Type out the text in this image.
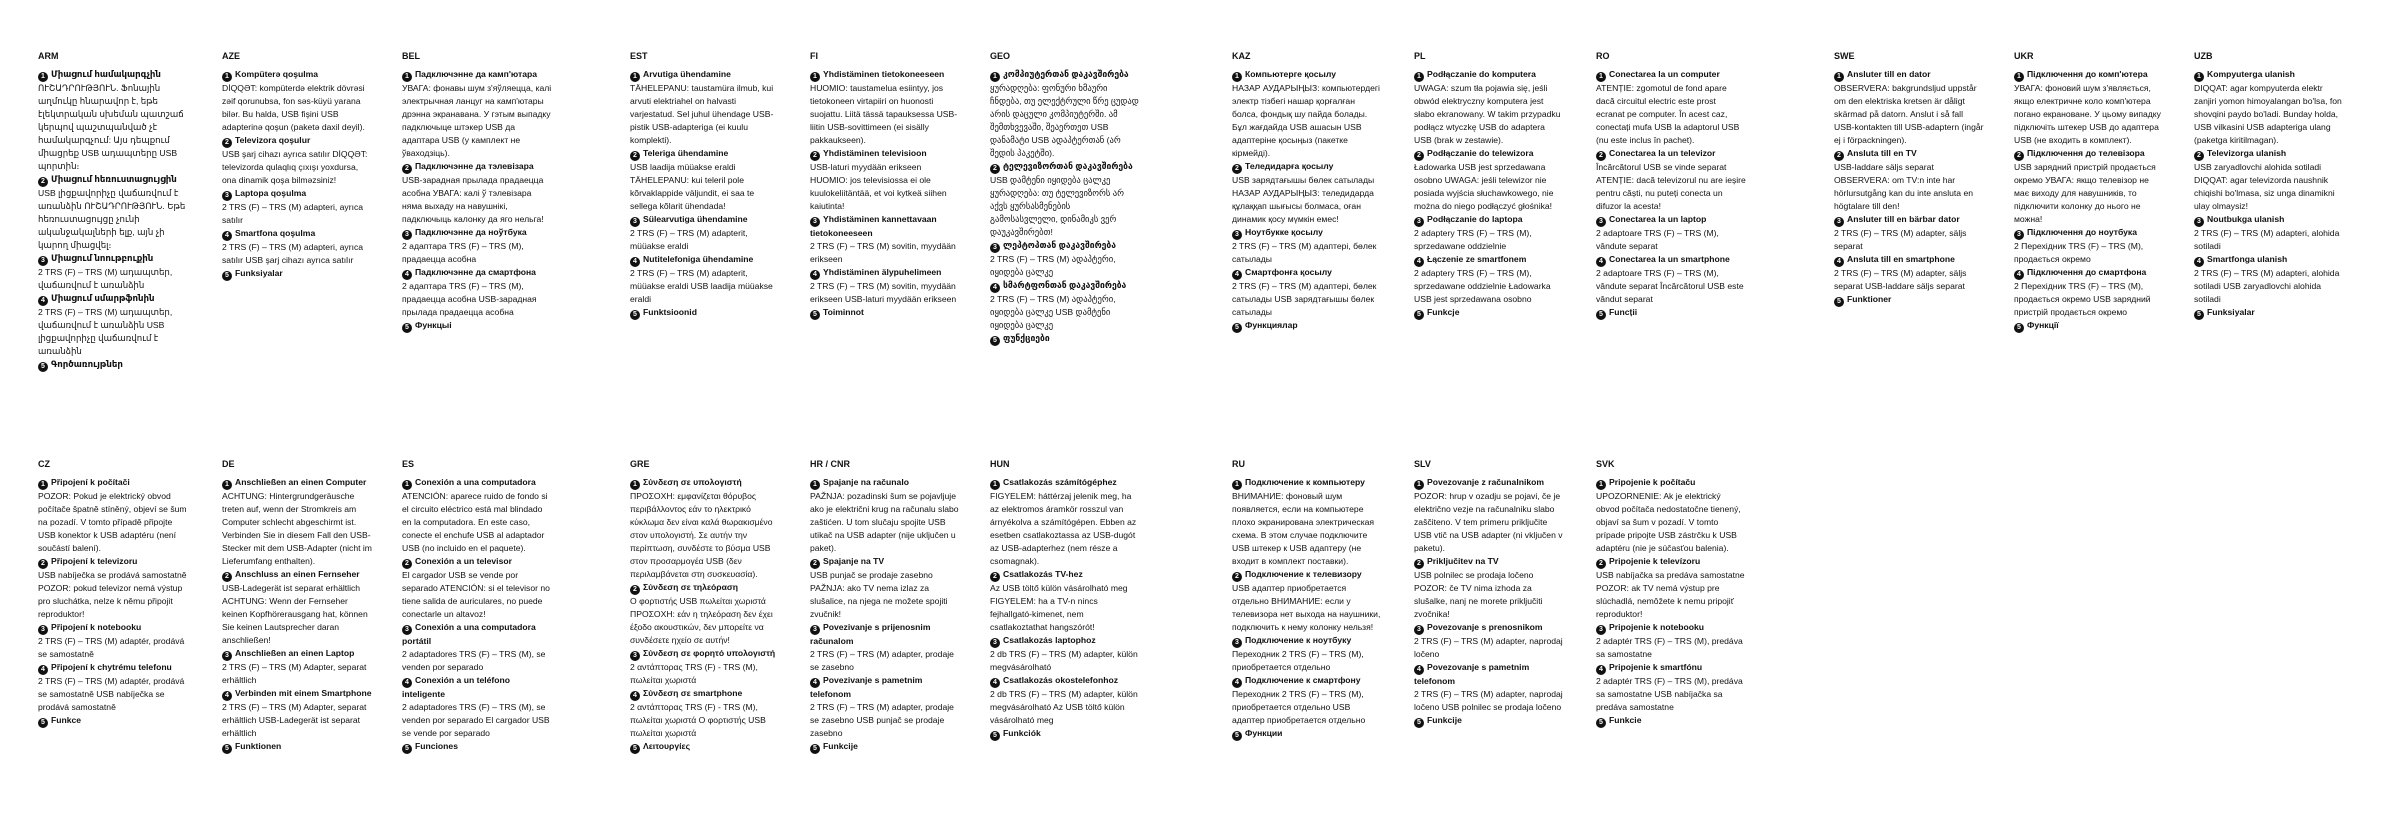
ARM
1 Միացում համակարգչին
ՈՒՇԱԴՐՈՒԹՅՈՒՆ. Ֆոնային աղմուկը հնարավոր է, եթե էլեկտրական սխեման պատշաճ կերպով պաշտպանված չէ համակարգչում: Այս դեպքում միացրեք USB ադապտերը USB պորտին։
2 Միացում հեռուստացույցին
USB լիցքավորիչը վաճառվում է առանձին ՈՒՇԱԴՐՈՒԹՅՈՒՆ. Եթե հեռուստացույցը չունի ականջակալների ելք, այն չի կարող միացվել։
3 Միացում նոութբուքին
2 TRS (F) – TRS (M) ադապտեր, վաճառվում է առանձին
4 Միացում սմարթֆոնին
2 TRS (F) – TRS (M) ադապտեր, վաճառվում է առանձին USB լիցքավորիչը վաճառվում է առանձին
5 Գործառույթներ
AZE
1 Kompüterə qoşulma
DİQQƏT: kompüterdə elektrik dövrəsi zəif qorunubsa, fon səs-küyü yarana bilər. Bu halda, USB fişini USB adapterinə qoşun (paketə daxil deyil).
2 Televizora qoşulur
USB şarj cihazı ayrıca satılır DİQQƏT: televizorda qulaqlıq çıxışı yoxdursa, ona dinamik qoşa bilməzsiniz!
3 Laptopa qoşulma
2 TRS (F) – TRS (M) adapteri, ayrıca satılır
4 Smartfona qoşulma
2 TRS (F) – TRS (M) adapteri, ayrıca satılır USB şarj cihazı ayrıca satılır
5 Funksiyalar
BEL
1 Падключэнне да камп'ютара
УВАГА: фонавы шум з'яўляецца, калі электрычная ланцуг на камп'ютары дрэнна экранавана. У гэтым выпадку падключыце штэкер USB да адаптара USB (у камплект не ўваходзіць).
2 Падключэнне да тэлевізара
USB-зарадная прылада прадаецца асобна УВАГА: калі ў тэлевізара няма выхаду на навушнікі, падключыць калонку да яго нельга!
3 Падключэнне да ноўтбука
2 адаптара TRS (F) – TRS (M), прадаецца асобна
4 Падключэнне да смартфона
2 адаптара TRS (F) – TRS (M), прадаецца асобна USB-зарадная прылада прадаецца асобна
5 Функцыі
EST
1 Arvutiga ühendamine
TÄHELEPANU: taustamüra ilmub, kui arvuti elektriahel on halvasti varjestatud. Sel juhul ühendage USB-pistik USB-adapteriga (ei kuulu komplekti).
2 Teleriga ühendamine
USB laadija müüakse eraldi TÄHELEPANU: kui teleril pole kõrvaklappide väljundit, ei saa te sellega kõlarit ühendada!
3 Sülearvutiga ühendamine
2 TRS (F) – TRS (M) adapterit, müüakse eraldi
4 Nutitelefoniga ühendamine
2 TRS (F) – TRS (M) adapterit, müüakse eraldi USB laadija müüakse eraldi
5 Funktsioonid
FI
1 Yhdistäminen tietokoneeseen
HUOMIO: taustamelua esiintyy, jos tietokoneen virtapiiri on huonosti suojattu. Liitä tässä tapauksessa USB-liitin USB-sovittimeen (ei sisälly pakkaukseen).
2 Yhdistäminen televisioon
USB-laturi myydään erikseen HUOMIO: jos televisiossa ei ole kuulokeliitäntää, et voi kytkeä siihen kaiutinta!
3 Yhdistäminen kannettavaan tietokoneeseen
2 TRS (F) – TRS (M) sovitin, myydään erikseen
4 Yhdistäminen älypuhelimeen
2 TRS (F) – TRS (M) sovitin, myydään erikseen USB-laturi myydään erikseen
5 Toiminnot
GEO
1 კომპიუტერთან დაკავშირება
ყურადღება: ფონური ხმაური ჩნდება, თუ ელექტრული წრე ცუდად არის დაცული კომპიუტერში. ამ შემთხვევაში, შეაერთეთ USB დანამატი USB ადაპტერთან (არ შედის პაკეტში).
2 ტელევიზორთან დაკავშირება
USB დამტენი იყიდება ცალკე ყურადღება: თუ ტელევიზორს არ აქვს ყურსასმენების გამოსასვლელი, დინამიკს ვერ დაუკავშირებთ!
3 ლეპტოპთან დაკავშირება
2 TRS (F) – TRS (M) ადაპტერი, იყიდება ცალკე
4 სმარტფონთან დაკავშირება
2 TRS (F) – TRS (M) ადაპტერი, იყიდება ცალკე USB დამტენი იყიდება ცალკე
5 ფუნქციები
KAZ
1 Компьютерге қосылу
НАЗАР АУДАРЫҢЫЗ: компьютердегі электр тізбегі нашар қорғалған болса, фондық шу пайда болады. Бұл жағдайда USB ашасын USB адаптеріне қосыңыз (пакетке кірмейді).
2 Теледидарға қосылу
USB зарядтағышы бөлек сатылады НАЗАР АУДАРЫҢЫЗ: теледидарда құлаққап шығысы болмаса, оған динамик қосу мүмкін емес!
3 Ноутбукке қосылу
2 TRS (F) – TRS (M) адаптері, бөлек сатылады
4 Смартфонға қосылу
2 TRS (F) – TRS (M) адаптері, бөлек сатылады USB зарядтағышы бөлек сатылады
5 Функциялар
PL
1 Podłączanie do komputera
UWAGA: szum tła pojawia się, jeśli obwód elektryczny komputera jest słabo ekranowany. W takim przypadku podłącz wtyczkę USB do adaptera USB (brak w zestawie).
2 Podłączanie do telewizora
Ładowarka USB jest sprzedawana osobno UWAGA: jeśli telewizor nie posiada wyjścia słuchawkowego, nie można do niego podłączyć głośnika!
3 Podłączanie do laptopa
2 adaptery TRS (F) – TRS (M), sprzedawane oddzielnie
4 Łączenie ze smartfonem
2 adaptery TRS (F) – TRS (M), sprzedawane oddzielnie Ładowarka USB jest sprzedawana osobno
5 Funkcje
RO
1 Conectarea la un computer
ATENȚIE: zgomotul de fond apare dacă circuitul electric este prost ecranat pe computer. În acest caz, conectați mufa USB la adaptorul USB (nu este inclus în pachet).
2 Conectarea la un televizor
Încărcătorul USB se vinde separat ATENȚIE: dacă televizorul nu are ieșire pentru căști, nu puteți conecta un difuzor la acesta!
3 Conectarea la un laptop
2 adaptoare TRS (F) – TRS (M), vândute separat
4 Conectarea la un smartphone
2 adaptoare TRS (F) – TRS (M), vândute separat Încărcătorul USB este vândut separat
5 Funcții
SWE
1 Ansluter till en dator
OBSERVERA: bakgrundsljud uppstår om den elektriska kretsen är dåligt skärmad på datorn. Anslut i så fall USB-kontakten till USB-adaptern (ingår ej i förpackningen).
2 Ansluta till en TV
USB-laddare säljs separat OBSERVERA: om TV:n inte har hörlursutgång kan du inte ansluta en högtalare till den!
3 Ansluter till en bärbar dator
2 TRS (F) – TRS (M) adapter, säljs separat
4 Ansluta till en smartphone
2 TRS (F) – TRS (M) adapter, säljs separat USB-laddare säljs separat
5 Funktioner
UKR
1 Підключення до комп'ютера
УВАГА: фоновий шум з'являється, якщо електричне коло комп'ютера погано екрановане. У цьому випадку підключіть штекер USB до адаптера USB (не входить в комплект).
2 Підключення до телевізора
USB зарядний пристрій продається окремо УВАГА: якщо телевізор не має виходу для навушників, то підключити колонку до нього не можна!
3 Підключення до ноутбука
2 Перехідник TRS (F) – TRS (M), продається окремо
4 Підключення до смартфона
2 Перехідник TRS (F) – TRS (M), продається окремо USB зарядний пристрій продається окремо
5 Функції
UZB
1 Kompyuterga ulanish
DIQQAT: agar kompyuterda elektr zanjiri yomon himoyalangan bo'lsa, fon shovqini paydo bo'ladi. Bunday holda, USB vilkasini USB adapteriga ulang (paketga kiritilmagan).
2 Televizorga ulanish
USB zaryadlovchi alohida sotiladi DIQQAT: agar televizorda naushnik chiqishi bo'lmasa, siz unga dinamikni ulay olmaysiz!
3 Noutbukga ulanish
2 TRS (F) – TRS (M) adapteri, alohida sotiladi
4 Smartfonga ulanish
2 TRS (F) – TRS (M) adapteri, alohida sotiladi USB zaryadlovchi alohida sotiladi
5 Funksiyalar
CZ
1 Připojení k počítači
POZOR: Pokud je elektrický obvod počítače špatně stíněný, objeví se šum na pozadí. V tomto případě připojte USB konektor k USB adaptéru (není součástí balení).
2 Připojení k televizoru
USB nabíječka se prodává samostatně POZOR: pokud televizor nemá výstup pro sluchátka, nelze k němu připojit reproduktor!
3 Připojení k notebooku
2 TRS (F) – TRS (M) adaptér, prodává se samostatně
4 Připojení k chytrému telefonu
2 TRS (F) – TRS (M) adaptér, prodává se samostatně USB nabíječka se prodává samostatně
5 Funkce
DE
1 Anschließen an einen Computer
ACHTUNG: Hintergrundgeräusche treten auf, wenn der Stromkreis am Computer schlecht abgeschirmt ist. Verbinden Sie in diesem Fall den USB-Stecker mit dem USB-Adapter (nicht im Lieferumfang enthalten).
2 Anschluss an einen Fernseher
USB-Ladegerät ist separat erhältlich ACHTUNG: Wenn der Fernseher keinen Kopfhörerausgang hat, können Sie keinen Lautsprecher daran anschließen!
3 Anschließen an einen Laptop
2 TRS (F) – TRS (M) Adapter, separat erhältlich
4 Verbinden mit einem Smartphone
2 TRS (F) – TRS (M) Adapter, separat erhältlich USB-Ladegerät ist separat erhältlich
5 Funktionen
ES
1 Conexión a una computadora
ATENCIÓN: aparece ruido de fondo si el circuito eléctrico está mal blindado en la computadora. En este caso, conecte el enchufe USB al adaptador USB (no incluido en el paquete).
2 Conexión a un televisor
El cargador USB se vende por separado ATENCIÓN: si el televisor no tiene salida de auriculares, no puede conectarle un altavoz!
3 Conexión a una computadora portátil
2 adaptadores TRS (F) – TRS (M), se venden por separado
4 Conexión a un teléfono inteligente
2 adaptadores TRS (F) – TRS (M), se venden por separado El cargador USB se vende por separado
5 Funciones
GRE
1 Σύνδεση σε υπολογιστή
ΠΡΟΣΟΧΗ: εμφανίζεται θόρυβος περιβάλλοντος εάν το ηλεκτρικό κύκλωμα δεν είναι καλά θωρακισμένο στον υπολογιστή. Σε αυτήν την περίπτωση, συνδέστε το βύσμα USB στον προσαρμογέα USB (δεν περιλαμβάνεται στη συσκευασία).
2 Σύνδεση σε τηλεόραση
Ο φορτιστής USB πωλείται χωριστά ΠΡΟΣΟΧΗ: εάν η τηλεόραση δεν έχει έξοδο ακουστικών, δεν μπορείτε να συνδέσετε ηχείο σε αυτήν!
3 Σύνδεση σε φορητό υπολογιστή
2 αντάπτορας TRS (F) - TRS (M), πωλείται χωριστά
4 Σύνδεση σε smartphone
2 αντάπτορας TRS (F) - TRS (M), πωλείται χωριστά Ο φορτιστής USB πωλείται χωριστά
5 Λειτουργίες
HR / CNR
1 Spajanje na računalo
PAŽNJA: pozadinski šum se pojavljuje ako je električni krug na računalu slabo zaštićen. U tom slučaju spojite USB utikač na USB adapter (nije uključen u paket).
2 Spajanje na TV
USB punjač se prodaje zasebno PAŽNJA: ako TV nema izlaz za slušalice, na njega ne možete spojiti zvučnik!
3 Povezivanje s prijenosnim računalom
2 TRS (F) – TRS (M) adapter, prodaje se zasebno
4 Povezivanje s pametnim telefonom
2 TRS (F) – TRS (M) adapter, prodaje se zasebno USB punjač se prodaje zasebno
5 Funkcije
HUN
1 Csatlakozás számítógéphez
FIGYELEM: háttérzaj jelenik meg, ha az elektromos áramkör rosszul van árnyékolva a számítógépen. Ebben az esetben csatlakoztassa az USB-dugót az USB-adapterhez (nem része a csomagnak).
2 Csatlakozás TV-hez
Az USB töltő külön vásárolható meg FIGYELEM: ha a TV-n nincs fejhallgató-kimenet, nem csatlakoztathat hangszórót!
3 Csatlakozás laptophoz
2 db TRS (F) – TRS (M) adapter, külön megvásárolható
4 Csatlakozás okostelefonhoz
2 db TRS (F) – TRS (M) adapter, külön megvásárolható Az USB töltő külön vásárolható meg
5 Funkciók
RU
1 Подключение к компьютеру
ВНИМАНИЕ: фоновый шум появляется, если на компьютере плохо экранирована электрическая схема. В этом случае подключите USB штекер к USB адаптеру (не входит в комплект поставки).
2 Подключение к телевизору
USB адаптер приобретается отдельно ВНИМАНИЕ: если у телевизора нет выхода на наушники, подключить к нему колонку нельзя!
3 Подключение к ноутбуку
Переходник 2 TRS (F) – TRS (M), приобретается отдельно
4 Подключение к смартфону
Переходник 2 TRS (F) – TRS (M), приобретается отдельно USB адаптер приобретается отдельно
5 Функции
SLV
1 Povezovanje z računalnikom
POZOR: hrup v ozadju se pojavi, če je električno vezje na računalniku slabo zaščiteno. V tem primeru priključite USB vtič na USB adapter (ni vključen v paketu).
2 Priključitev na TV
USB polnilec se prodaja ločeno POZOR: če TV nima izhoda za slušalke, nanj ne morete priključiti zvočnika!
3 Povezovanje s prenosnikom
2 TRS (F) – TRS (M) adapter, naprodaj ločeno
4 Povezovanje s pametnim telefonom
2 TRS (F) – TRS (M) adapter, naprodaj ločeno USB polnilec se prodaja ločeno
5 Funkcije
SVK
1 Pripojenie k počítaču
UPOZORNENIE: Ak je elektrický obvod počítača nedostatočne tienený, objaví sa šum v pozadí. V tomto prípade pripojte USB zástrčku k USB adaptéru (nie je súčasťou balenia).
2 Pripojenie k televízoru
USB nabíjačka sa predáva samostatne POZOR: ak TV nemá výstup pre slúchadlá, nemôžete k nemu pripojiť reproduktor!
3 Pripojenie k notebooku
2 adaptér TRS (F) – TRS (M), predáva sa samostatne
4 Pripojenie k smartfónu
2 adaptér TRS (F) – TRS (M), predáva sa samostatne USB nabíjačka sa predáva samostatne
5 Funkcie
